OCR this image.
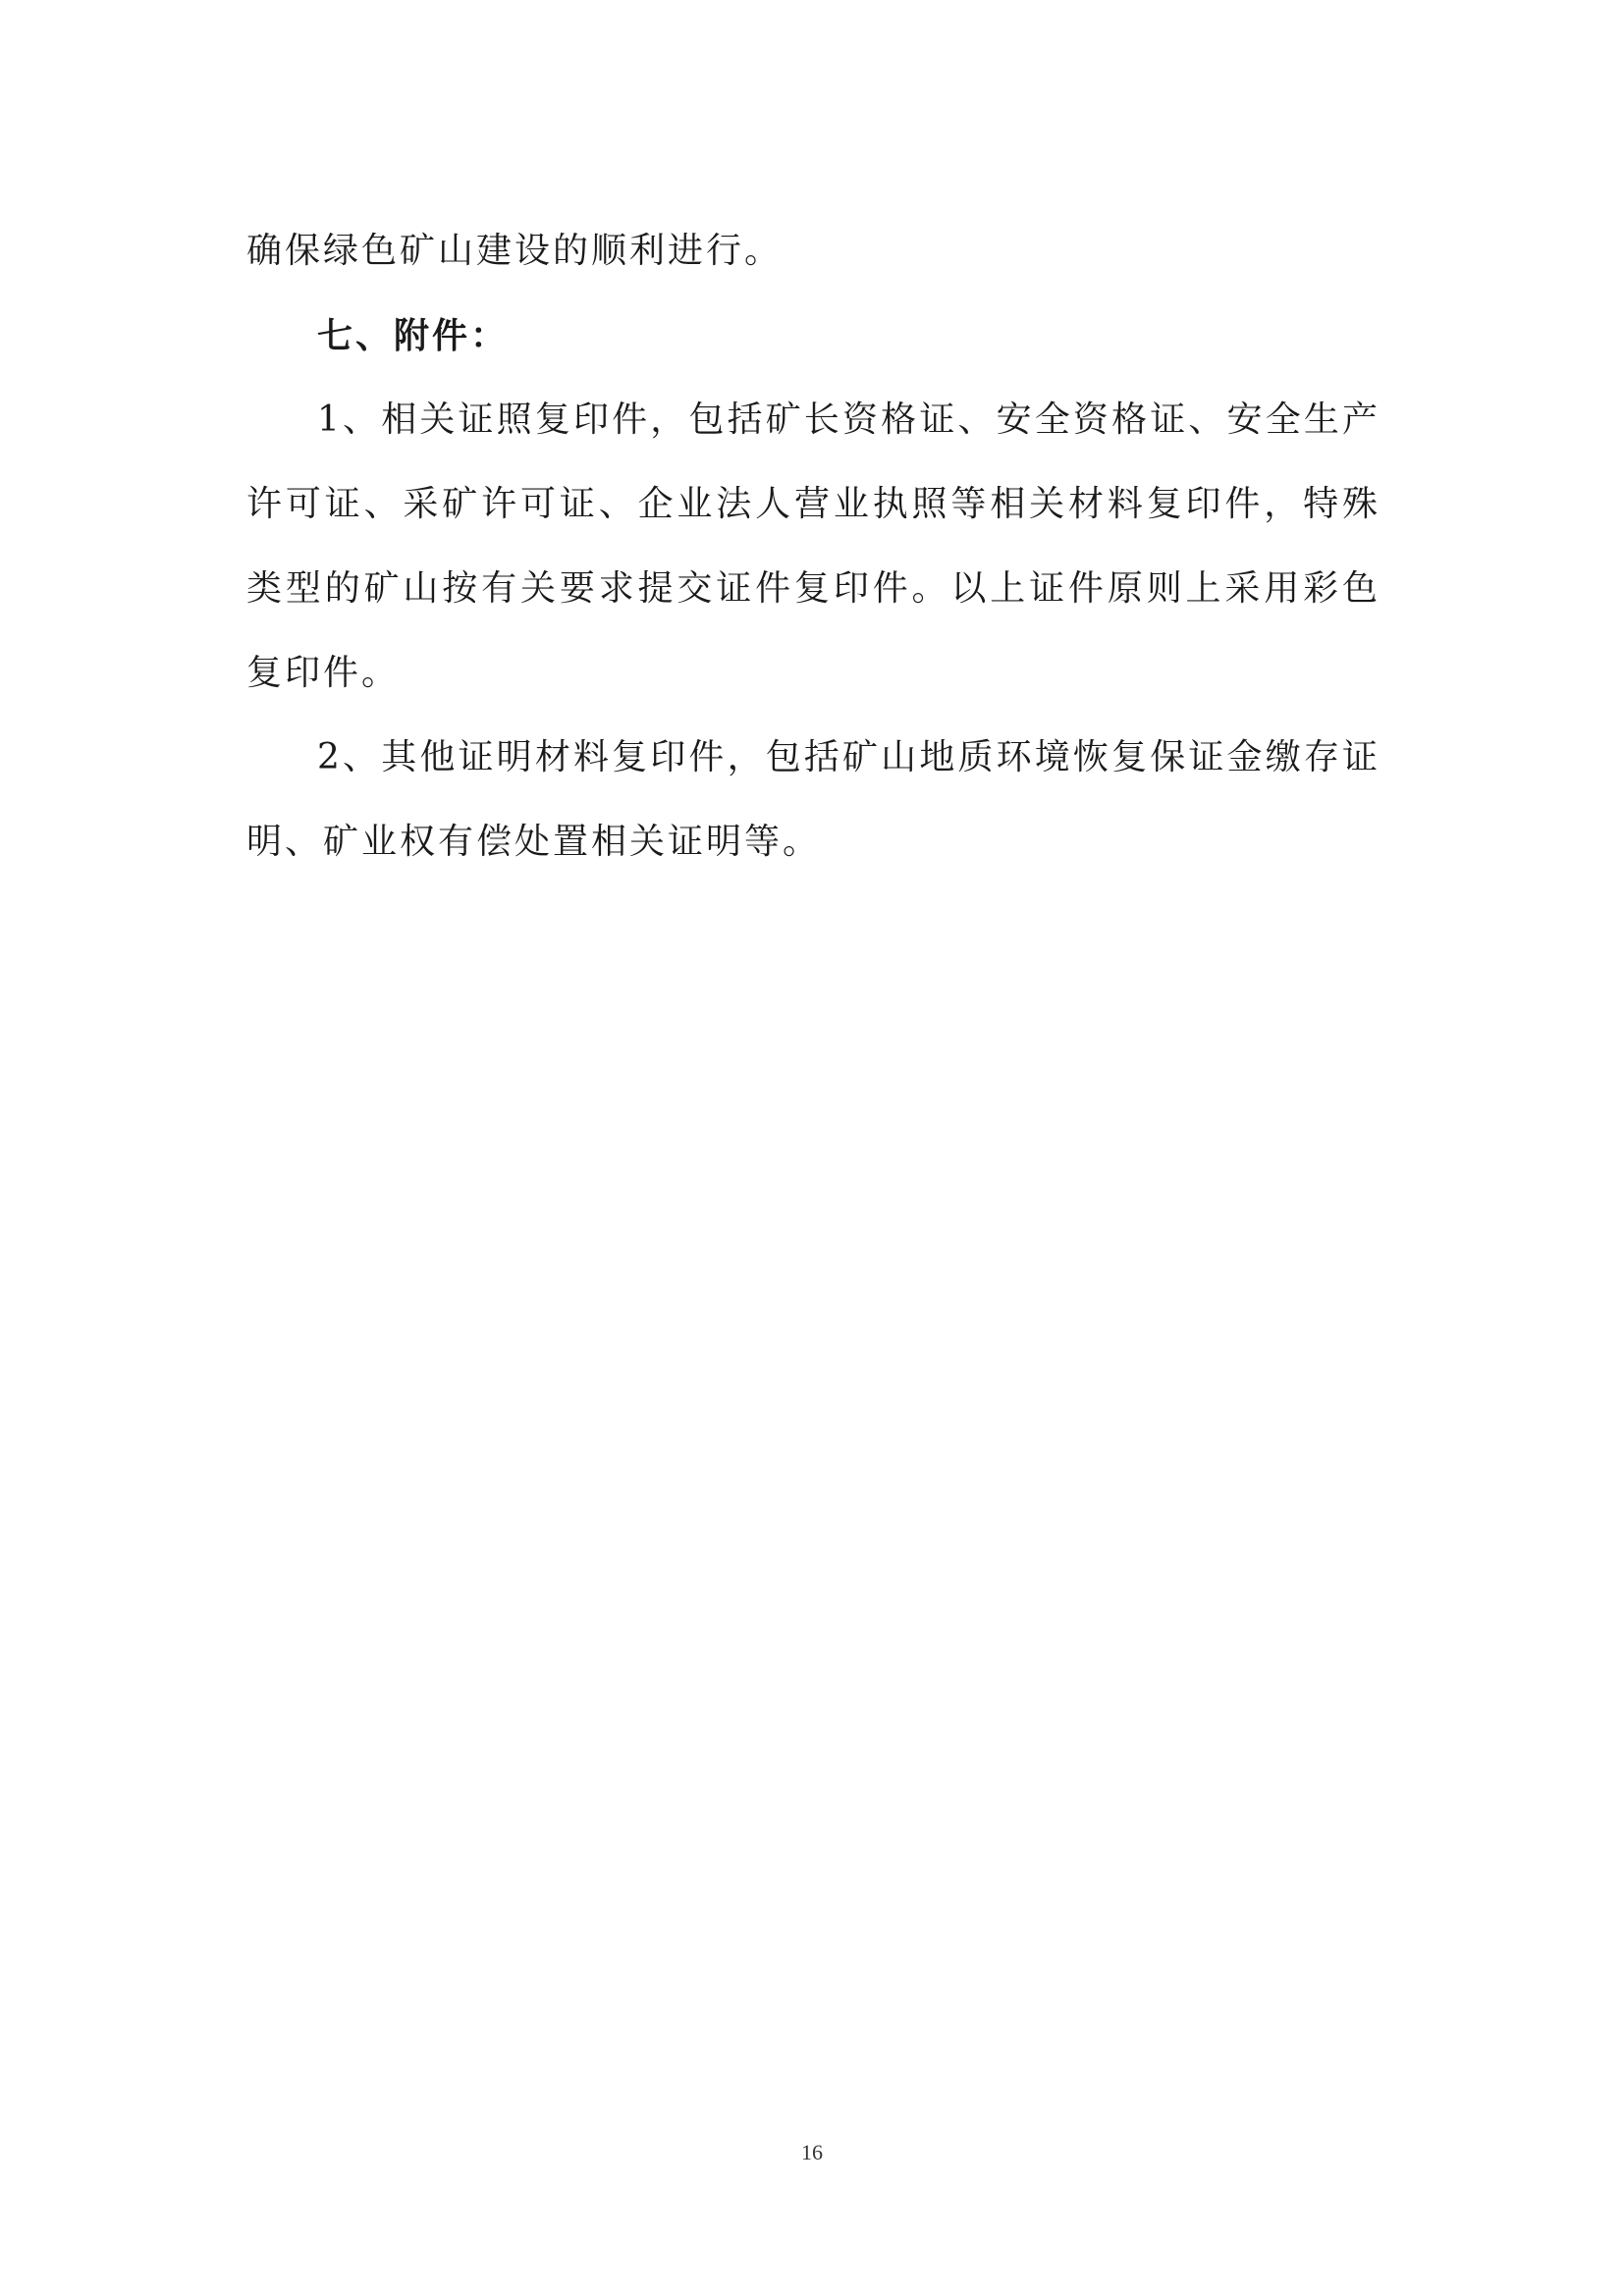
确保绿色矿山建设的顺利进行。

七、附件：

1、相关证照复印件，包括矿长资格证、安全资格证、安全生产许可证、采矿许可证、企业法人营业执照等相关材料复印件，特殊类型的矿山按有关要求提交证件复印件。以上证件原则上采用彩色复印件。

2、其他证明材料复印件，包括矿山地质环境恢复保证金缴存证明、矿业权有偿处置相关证明等。

16
